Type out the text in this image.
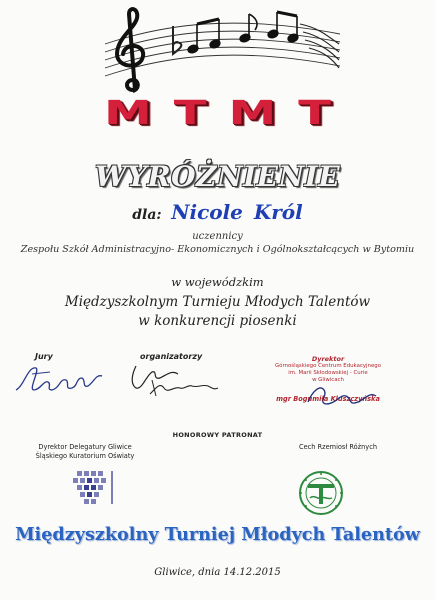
MTMT
WYRÓŻNIENIE
dla: Nicole Król
uczennicy
Zespołu Szkół Administracyjno- Ekonomicznych i Ogólnokształcących w Bytomiu
w wojewódzkim
Międzyszkolnym Turnieju Młodych Talentów
w konkurencji piosenki
Jury	organizatorzy	Dyrektor
Górnośląskiego Centrum Edukacyjnego
im. Marii Skłodowskiej - Curie
w Gliwicach
mgr Bogumiła Kluszczyńska
HONOROWY PATRONAT
Dyrektor Delegatury Gliwice
Śląskiego Kuratorium Oświaty
Cech Rzemiosł Różnych
Międzyszkolny Turniej Młodych Talentów
Gliwice, dnia 14.12.2015
